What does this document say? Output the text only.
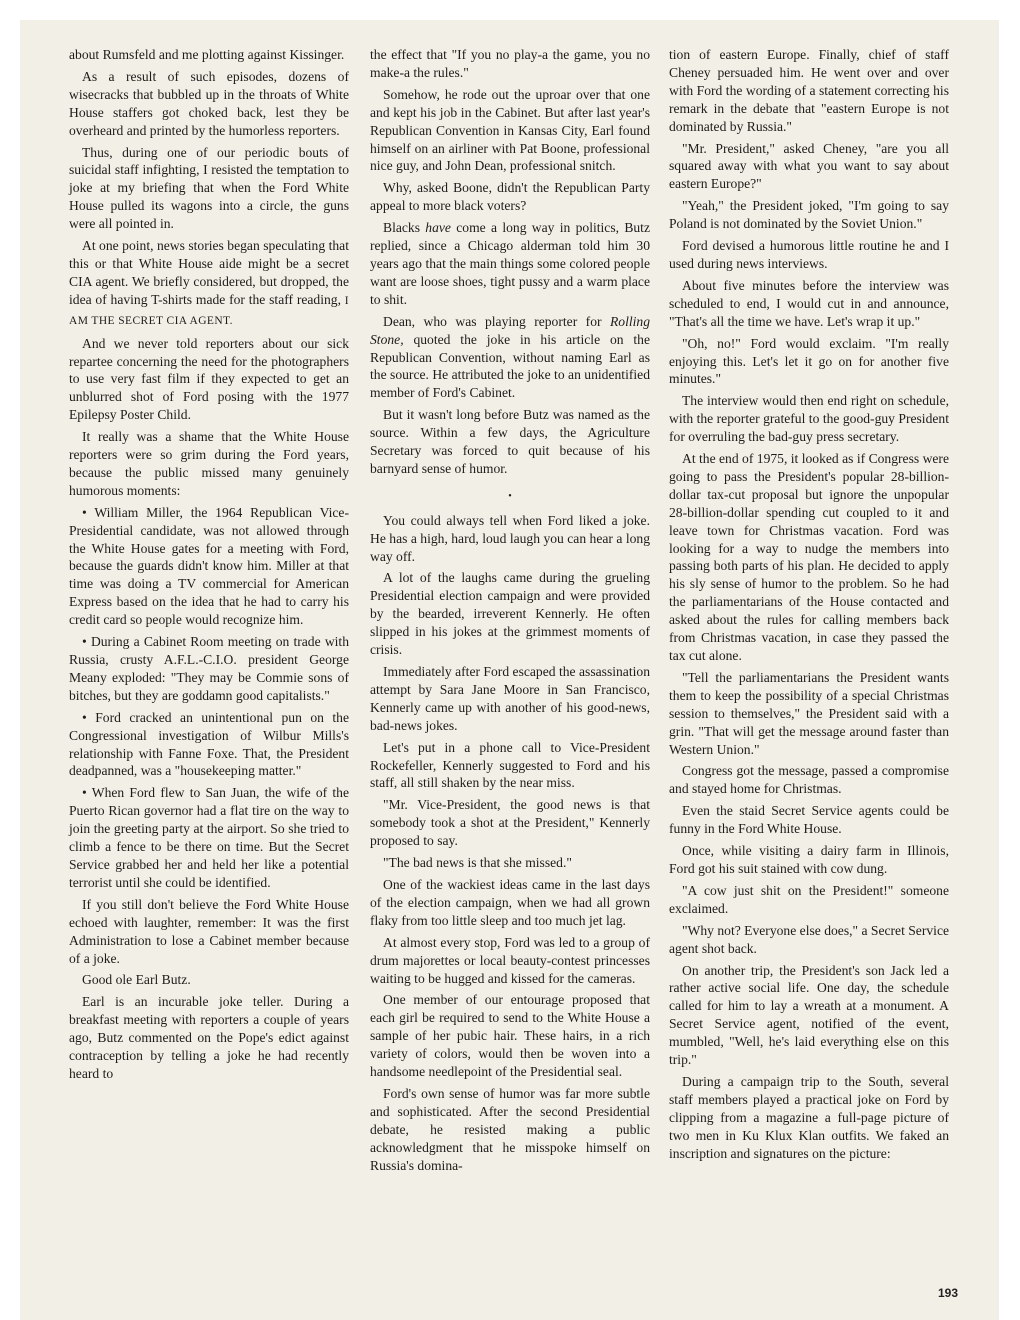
about Rumsfeld and me plotting against Kissinger.

As a result of such episodes, dozens of wisecracks that bubbled up in the throats of White House staffers got choked back, lest they be overheard and printed by the humorless reporters.

Thus, during one of our periodic bouts of suicidal staff infighting, I resisted the temptation to joke at my briefing that when the Ford White House pulled its wagons into a circle, the guns were all pointed in.

At one point, news stories began speculating that this or that White House aide might be a secret CIA agent. We briefly considered, but dropped, the idea of having T-shirts made for the staff reading, I AM THE SECRET CIA AGENT.

And we never told reporters about our sick repartee concerning the need for the photographers to use very fast film if they expected to get an unblurred shot of Ford posing with the 1977 Epilepsy Poster Child.

It really was a shame that the White House reporters were so grim during the Ford years, because the public missed many genuinely humorous moments:

• William Miller, the 1964 Republican Vice-Presidential candidate, was not allowed through the White House gates for a meeting with Ford, because the guards didn't know him. Miller at that time was doing a TV commercial for American Express based on the idea that he had to carry his credit card so people would recognize him.

• During a Cabinet Room meeting on trade with Russia, crusty A.F.L.-C.I.O. president George Meany exploded: "They may be Commie sons of bitches, but they are goddamn good capitalists."

• Ford cracked an unintentional pun on the Congressional investigation of Wilbur Mills's relationship with Fanne Foxe. That, the President deadpanned, was a "housekeeping matter."

• When Ford flew to San Juan, the wife of the Puerto Rican governor had a flat tire on the way to join the greeting party at the airport. So she tried to climb a fence to be there on time. But the Secret Service grabbed her and held her like a potential terrorist until she could be identified.

If you still don't believe the Ford White House echoed with laughter, remember: It was the first Administration to lose a Cabinet member because of a joke.

Good ole Earl Butz.

Earl is an incurable joke teller. During a breakfast meeting with reporters a couple of years ago, Butz commented on the Pope's edict against contraception by telling a joke he had recently heard to

the effect that "If you no play-a the game, you no make-a the rules."

Somehow, he rode out the uproar over that one and kept his job in the Cabinet. But after last year's Republican Convention in Kansas City, Earl found himself on an airliner with Pat Boone, professional nice guy, and John Dean, professional snitch.

Why, asked Boone, didn't the Republican Party appeal to more black voters?

Blacks have come a long way in politics, Butz replied, since a Chicago alderman told him 30 years ago that the main things some colored people want are loose shoes, tight pussy and a warm place to shit.

Dean, who was playing reporter for Rolling Stone, quoted the joke in his article on the Republican Convention, without naming Earl as the source. He attributed the joke to an unidentified member of Ford's Cabinet.

But it wasn't long before Butz was named as the source. Within a few days, the Agriculture Secretary was forced to quit because of his barnyard sense of humor.

•

You could always tell when Ford liked a joke. He has a high, hard, loud laugh you can hear a long way off.

A lot of the laughs came during the grueling Presidential election campaign and were provided by the bearded, irreverent Kennerly. He often slipped in his jokes at the grimmest moments of crisis.

Immediately after Ford escaped the assassination attempt by Sara Jane Moore in San Francisco, Kennerly came up with another of his good-news, bad-news jokes.

Let's put in a phone call to Vice-President Rockefeller, Kennerly suggested to Ford and his staff, all still shaken by the near miss.

"Mr. Vice-President, the good news is that somebody took a shot at the President," Kennerly proposed to say.

"The bad news is that she missed."

One of the wackiest ideas came in the last days of the election campaign, when we had all grown flaky from too little sleep and too much jet lag.

At almost every stop, Ford was led to a group of drum majorettes or local beauty-contest princesses waiting to be hugged and kissed for the cameras.

One member of our entourage proposed that each girl be required to send to the White House a sample of her pubic hair. These hairs, in a rich variety of colors, would then be woven into a handsome needlepoint of the Presidential seal.

Ford's own sense of humor was far more subtle and sophisticated. After the second Presidential debate, he resisted making a public acknowledgment that he misspoke himself on Russia's domina-

tion of eastern Europe. Finally, chief of staff Cheney persuaded him. He went over and over with Ford the wording of a statement correcting his remark in the debate that "eastern Europe is not dominated by Russia."

"Mr. President," asked Cheney, "are you all squared away with what you want to say about eastern Europe?"

"Yeah," the President joked, "I'm going to say Poland is not dominated by the Soviet Union."

Ford devised a humorous little routine he and I used during news interviews.

About five minutes before the interview was scheduled to end, I would cut in and announce, "That's all the time we have. Let's wrap it up."

"Oh, no!" Ford would exclaim. "I'm really enjoying this. Let's let it go on for another five minutes."

The interview would then end right on schedule, with the reporter grateful to the good-guy President for overruling the bad-guy press secretary.

At the end of 1975, it looked as if Congress were going to pass the President's popular 28-billion-dollar tax-cut proposal but ignore the unpopular 28-billion-dollar spending cut coupled to it and leave town for Christmas vacation. Ford was looking for a way to nudge the members into passing both parts of his plan. He decided to apply his sly sense of humor to the problem. So he had the parliamentarians of the House contacted and asked about the rules for calling members back from Christmas vacation, in case they passed the tax cut alone.

"Tell the parliamentarians the President wants them to keep the possibility of a special Christmas session to themselves," the President said with a grin. "That will get the message around faster than Western Union."

Congress got the message, passed a compromise and stayed home for Christmas.

Even the staid Secret Service agents could be funny in the Ford White House.

Once, while visiting a dairy farm in Illinois, Ford got his suit stained with cow dung.

"A cow just shit on the President!" someone exclaimed.

"Why not? Everyone else does," a Secret Service agent shot back.

On another trip, the President's son Jack led a rather active social life. One day, the schedule called for him to lay a wreath at a monument. A Secret Service agent, notified of the event, mumbled, "Well, he's laid everything else on this trip."

During a campaign trip to the South, several staff members played a practical joke on Ford by clipping from a magazine a full-page picture of two men in Ku Klux Klan outfits. We faked an inscription and signatures on the picture:

193
